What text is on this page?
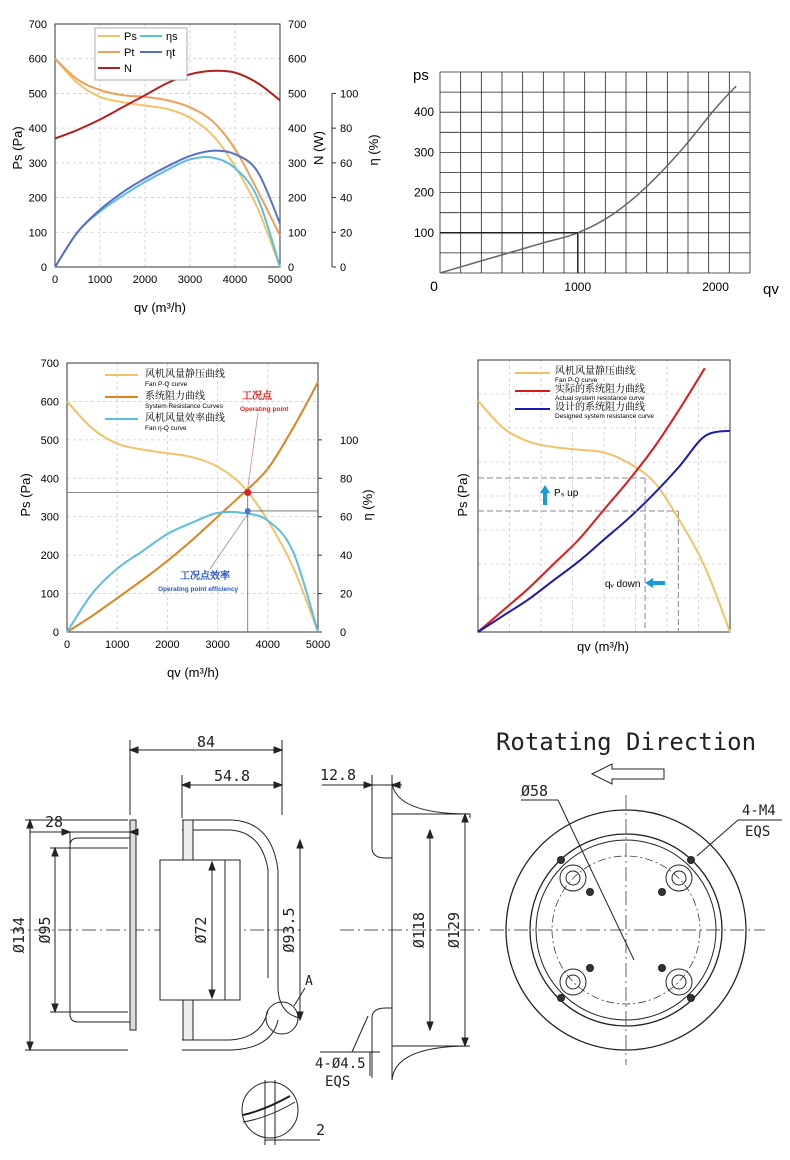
0	1000 2000 3000 4000 5000
0
100
200
300
400
500
600
700
0
100
200
300
400
500
600
700
0
20
40
60
80
100
Ps
Pt
N
ηs
ηt
qv (m³/h)
Ps (Pa)	N (W)	η (%)
0	1000	2000
100
200
300
400
ps
qv
0	1000 2000 3000 4000 5000
0
100
200
300
400
500
600
700
0
20
40
60
80
100
风机风量静压曲线
Fan P-Q curve
系统阻力曲线
System Resistance Curves
风机风量效率曲线
Fan η-Q curve
工况点
Operating point
工况点效率
Operating point efficiency
qv (m³/h)
Ps (Pa)	η (%)
风机风量静压曲线
Fan P-Q curve
实际的系统阻力曲线
Actual system resistance curve
设计的系统阻力曲线
Designed system resistance curve
Pₛ up
qᵥ down
qv (m³/h)
Ps (Pa)
A
84
54.8
28
Ø134 Ø95	Ø72	Ø93.5
2
12.8
Ø118 Ø129
4-Ø4.5
EQS
Ø58
4-M4
EQS
Rotating Direction
